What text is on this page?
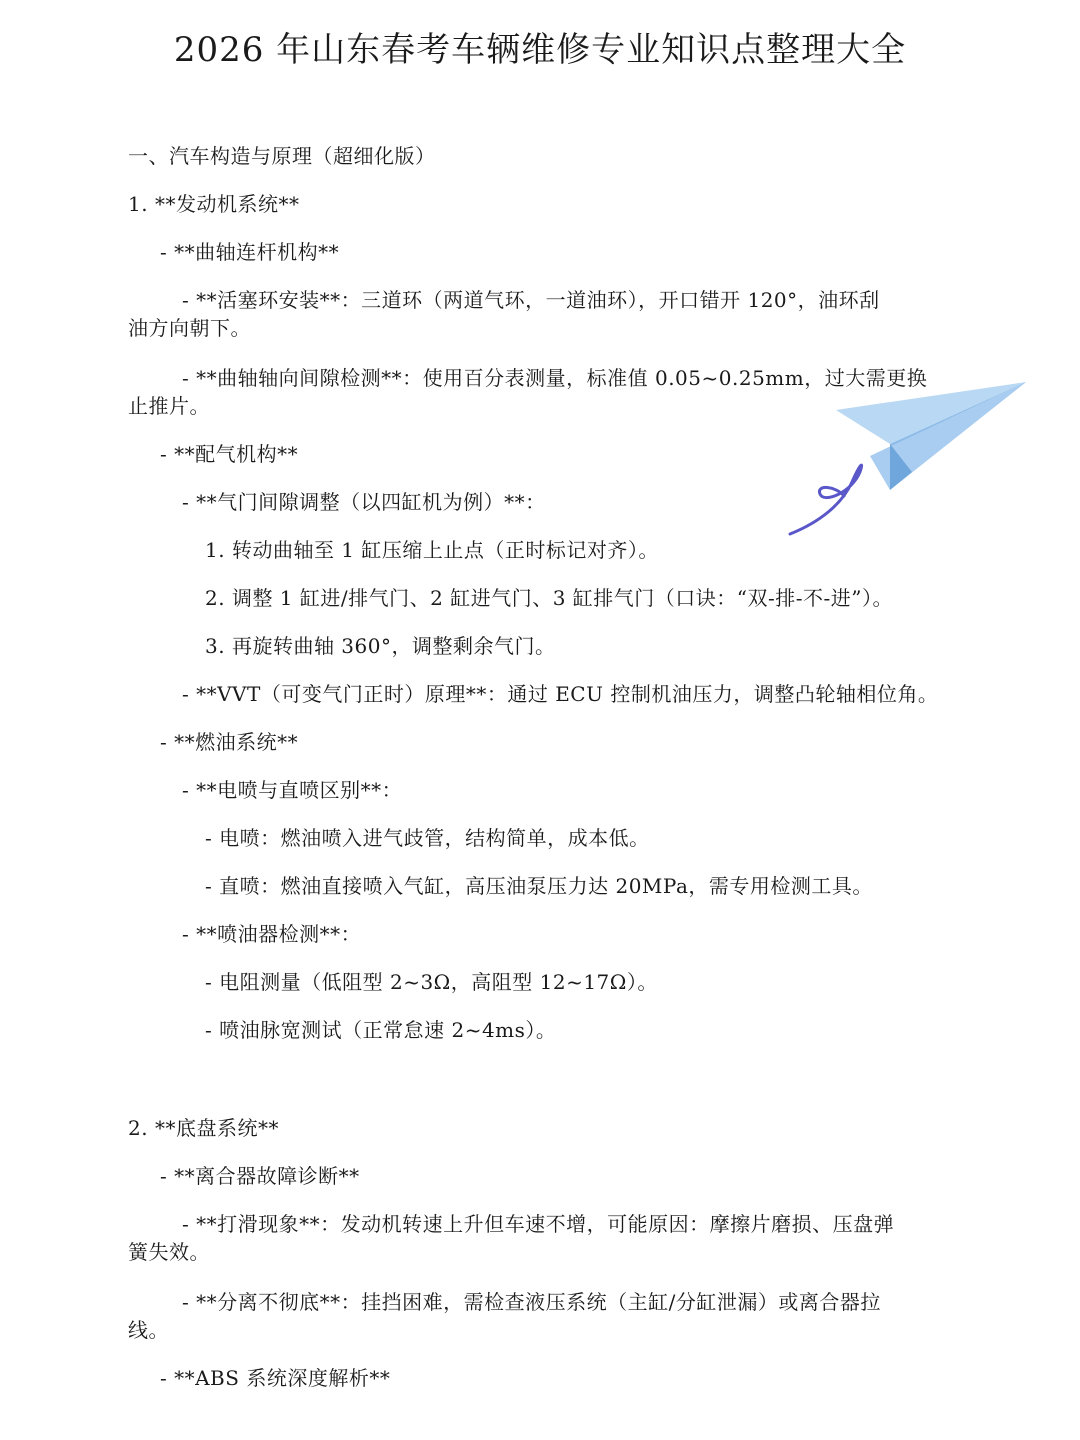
2026 年山东春考车辆维修专业知识点整理大全
一、汽车构造与原理（超细化版）
1. **发动机系统**
- **曲轴连杆机构**
- **活塞环安装**：三道环（两道气环，一道油环），开口错开 120°，油环刮
油方向朝下。
- **曲轴轴向间隙检测**：使用百分表测量，标准值 0.05~0.25mm，过大需更换
止推片。
- **配气机构**
- **气门间隙调整（以四缸机为例）**：
1. 转动曲轴至 1 缸压缩上止点（正时标记对齐）。
2. 调整 1 缸进/排气门、2 缸进气门、3 缸排气门（口诀：“双-排-不-进”）。
3. 再旋转曲轴 360°，调整剩余气门。
- **VVT（可变气门正时）原理**：通过 ECU 控制机油压力，调整凸轮轴相位角。
- **燃油系统**
- **电喷与直喷区别**：
- 电喷：燃油喷入进气歧管，结构简单，成本低。
- 直喷：燃油直接喷入气缸，高压油泵压力达 20MPa，需专用检测工具。
- **喷油器检测**：
- 电阻测量（低阻型 2~3Ω，高阻型 12~17Ω）。
- 喷油脉宽测试（正常怠速 2~4ms）。
2. **底盘系统**
- **离合器故障诊断**
- **打滑现象**：发动机转速上升但车速不增，可能原因：摩擦片磨损、压盘弹
簧失效。
- **分离不彻底**：挂挡困难，需检查液压系统（主缸/分缸泄漏）或离合器拉
线。
- **ABS 系统深度解析**
